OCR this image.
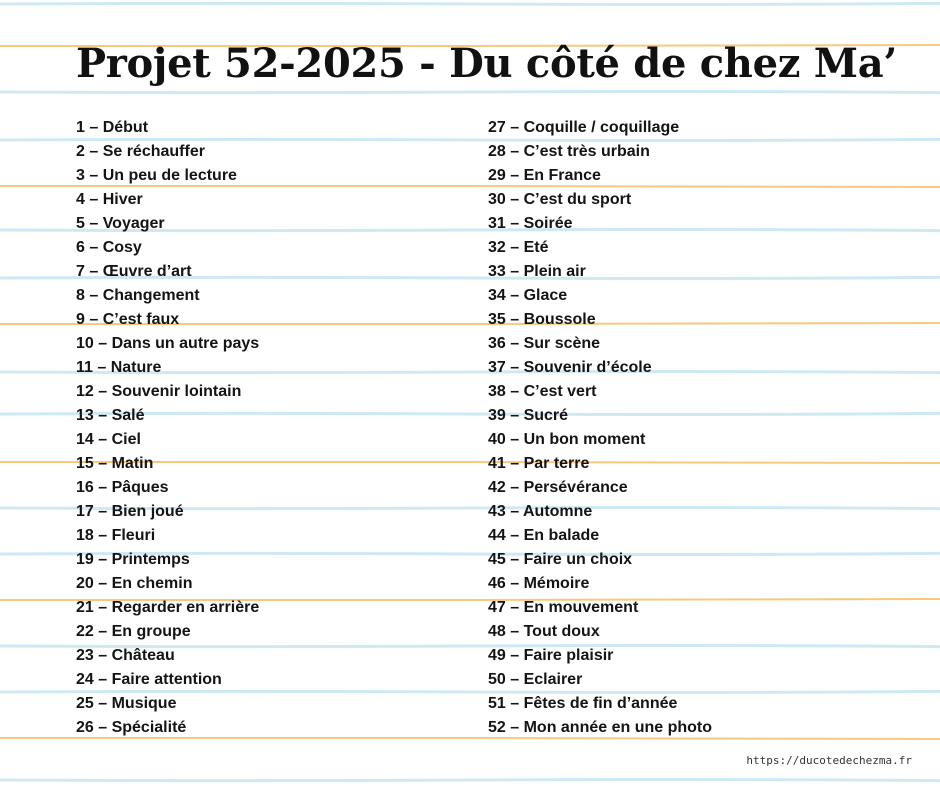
Projet 52-2025 - Du côté de chez Ma’
1 – Début
2 – Se réchauffer
3 – Un peu de lecture
4 – Hiver
5 – Voyager
6 – Cosy
7 – Œuvre d’art
8 – Changement
9 – C’est faux
10 – Dans un autre pays
11 – Nature
12 – Souvenir lointain
13 – Salé
14 – Ciel
15 – Matin
16 – Pâques
17 – Bien joué
18 – Fleuri
19 – Printemps
20 – En chemin
21 – Regarder en arrière
22 – En groupe
23 – Château
24 – Faire attention
25 – Musique
26 – Spécialité
27 – Coquille / coquillage
28 – C’est très urbain
29 – En France
30 – C’est du sport
31 – Soirée
32 – Eté
33 – Plein air
34 – Glace
35 – Boussole
36 – Sur scène
37 – Souvenir d’école
38 – C’est vert
39 – Sucré
40 – Un bon moment
41 – Par terre
42 – Persévérance
43 – Automne
44 – En balade
45 – Faire un choix
46 – Mémoire
47 – En mouvement
48 – Tout doux
49 – Faire plaisir
50 – Eclairer
51 – Fêtes de fin d’année
52 – Mon année en une photo
https://ducotedechezma.fr
